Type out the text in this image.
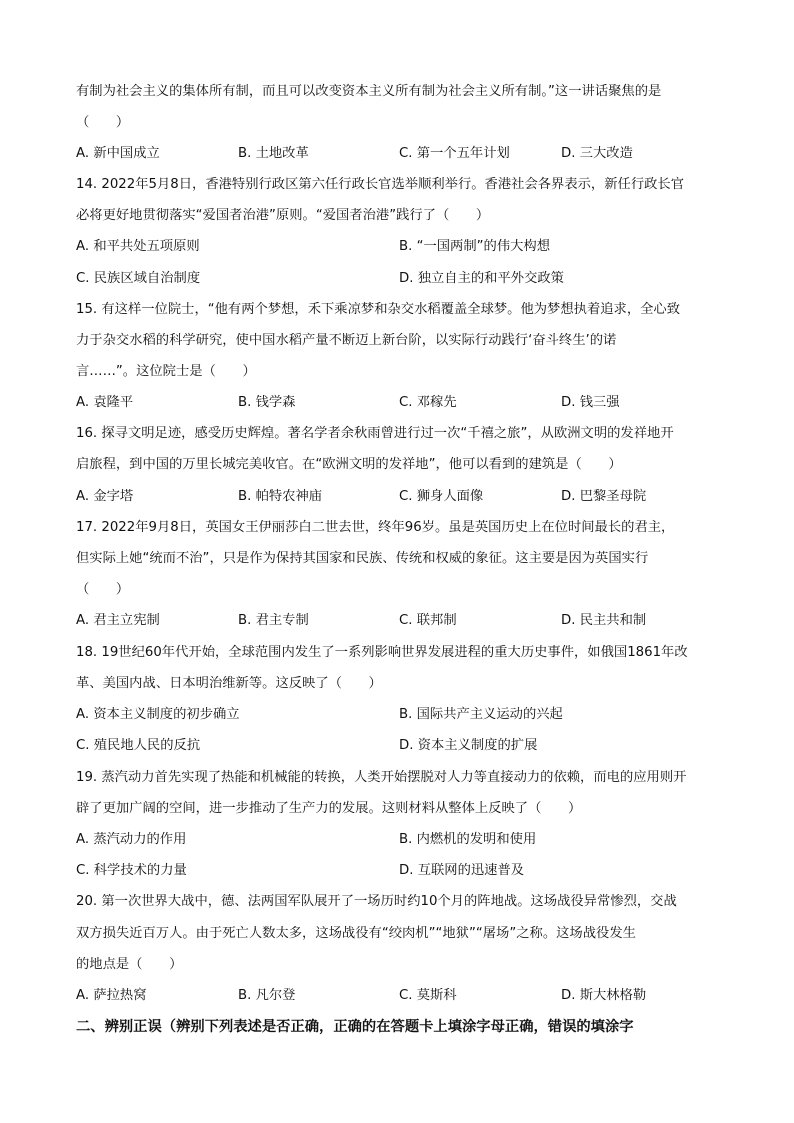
有制为社会主义的集体所有制，而且可以改变资本主义所有制为社会主义所有制。”这一讲话聚焦的是
（　　）
A. 新中国成立	B. 土地改革	C. 第一个五年计划	D. 三大改造
14. 2022年5月8日，香港特别行政区第六任行政长官选举顺利举行。香港社会各界表示，新任行政长官
必将更好地贯彻落实“爱国者治港”原则。“爱国者治港”践行了（　　）
A. 和平共处五项原则	B. “一国两制”的伟大构想
C. 民族区域自治制度	D. 独立自主的和平外交政策
15. 有这样一位院士，“他有两个梦想，禾下乘凉梦和杂交水稻覆盖全球梦。他为梦想执着追求，全心致
力于杂交水稻的科学研究，使中国水稻产量不断迈上新台阶，以实际行动践行‘奋斗终生’的诺
言……”。这位院士是（　　）
A. 袁隆平	B. 钱学森	C. 邓稼先	D. 钱三强
16. 探寻文明足迹，感受历史辉煌。著名学者余秋雨曾进行过一次“千禧之旅”，从欧洲文明的发祥地开
启旅程，到中国的万里长城完美收官。在“欧洲文明的发祥地”，他可以看到的建筑是（　　）
A. 金字塔	B. 帕特农神庙	C. 狮身人面像	D. 巴黎圣母院
17. 2022年9月8日，英国女王伊丽莎白二世去世，终年96岁。虽是英国历史上在位时间最长的君主，
但实际上她“统而不治”，只是作为保持其国家和民族、传统和权威的象征。这主要是因为英国实行
（　　）
A. 君主立宪制	B. 君主专制	C. 联邦制	D. 民主共和制
18. 19世纪60年代开始，全球范围内发生了一系列影响世界发展进程的重大历史事件，如俄国1861年改
革、美国内战、日本明治维新等。这反映了（　　）
A. 资本主义制度的初步确立	B. 国际共产主义运动的兴起
C. 殖民地人民的反抗	D. 资本主义制度的扩展
19. 蒸汽动力首先实现了热能和机械能的转换，人类开始摆脱对人力等直接动力的依赖，而电的应用则开
辟了更加广阔的空间，进一步推动了生产力的发展。这则材料从整体上反映了（　　）
A. 蒸汽动力的作用	B. 内燃机的发明和使用
C. 科学技术的力量	D. 互联网的迅速普及
20. 第一次世界大战中，德、法两国军队展开了一场历时约10个月的阵地战。这场战役异常惨烈，交战
双方损失近百万人。由于死亡人数太多，这场战役有“绞肉机”“地狱”“屠场”之称。这场战役发生
的地点是（　　）
A. 萨拉热窝	B. 凡尔登	C. 莫斯科	D. 斯大林格勒
二、辨别正误（辨别下列表述是否正确，正确的在答题卡上填涂字母正确，错误的填涂字
